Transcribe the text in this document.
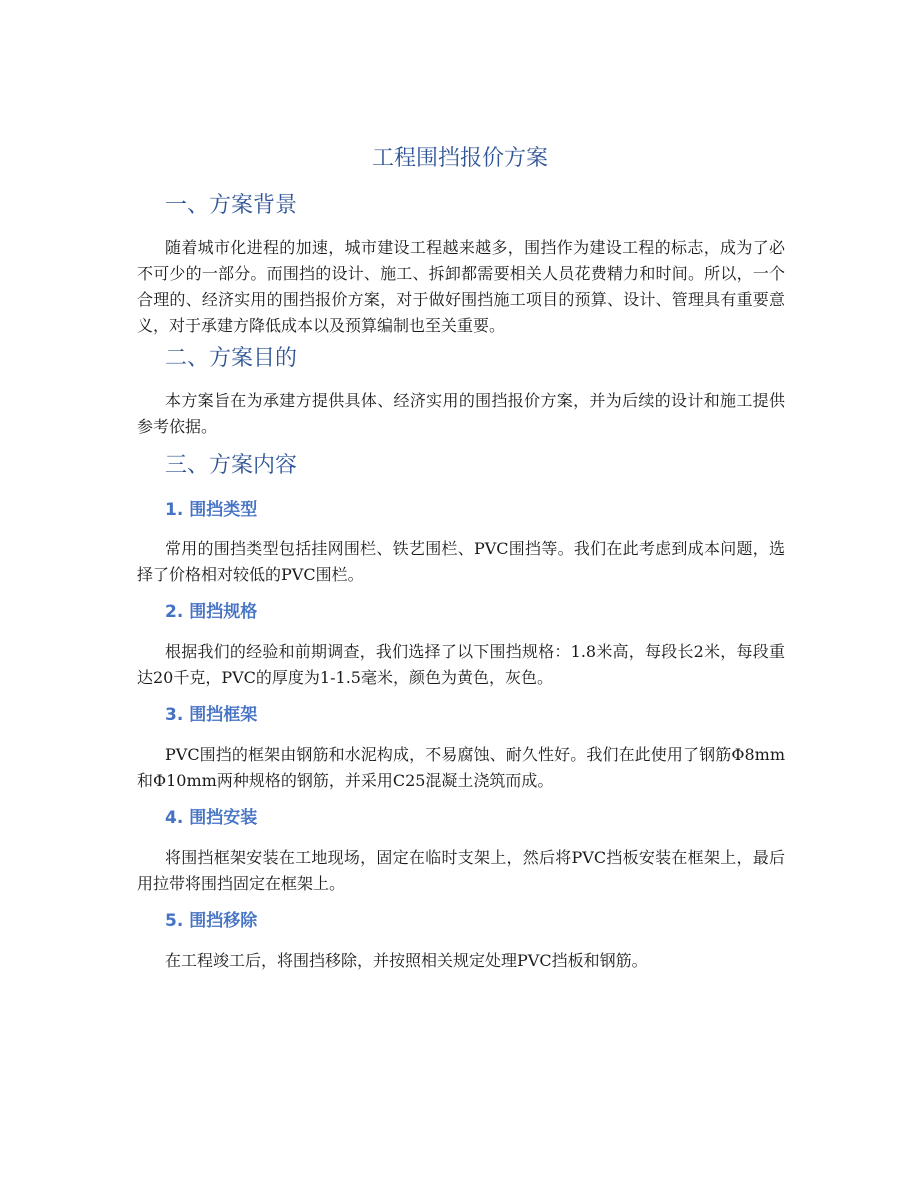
工程围挡报价方案
一、方案背景

随着城市化进程的加速，城市建设工程越来越多，围挡作为建设工程的标志，成为了必不可少的一部分。而围挡的设计、施工、拆卸都需要相关人员花费精力和时间。所以，一个合理的、经济实用的围挡报价方案，对于做好围挡施工项目的预算、设计、管理具有重要意义，对于承建方降低成本以及预算编制也至关重要。

二、方案目的

本方案旨在为承建方提供具体、经济实用的围挡报价方案，并为后续的设计和施工提供参考依据。

三、方案内容
1. 围挡类型

常用的围挡类型包括挂网围栏、铁艺围栏、PVC围挡等。我们在此考虑到成本问题，选择了价格相对较低的PVC围栏。

2. 围挡规格

根据我们的经验和前期调查，我们选择了以下围挡规格：1.8米高，每段长2米，每段重达20千克，PVC的厚度为1-1.5毫米，颜色为黄色，灰色。

3. 围挡框架

PVC围挡的框架由钢筋和水泥构成，不易腐蚀、耐久性好。我们在此使用了钢筋Φ8mm和Φ10mm两种规格的钢筋，并采用C25混凝土浇筑而成。

4. 围挡安装

将围挡框架安装在工地现场，固定在临时支架上，然后将PVC挡板安装在框架上，最后用拉带将围挡固定在框架上。

5. 围挡移除

在工程竣工后，将围挡移除，并按照相关规定处理PVC挡板和钢筋。
